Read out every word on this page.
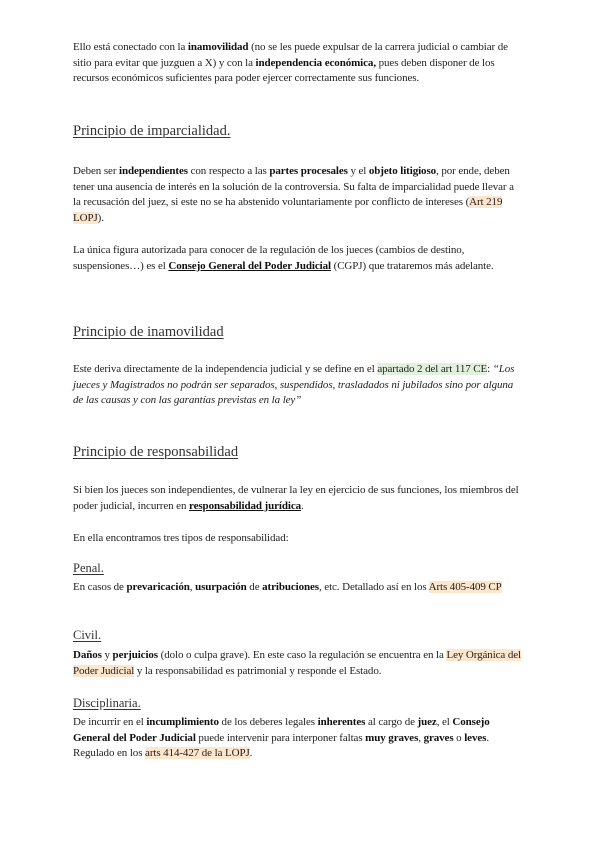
Ello está conectado con la inamovilidad (no se les puede expulsar de la carrera judicial o cambiar de sitio para evitar que juzguen a X) y con la independencia económica, pues deben disponer de los recursos económicos suficientes para poder ejercer correctamente sus funciones.

Principio de imparcialidad.

Deben ser independientes con respecto a las partes procesales y el objeto litigioso, por ende, deben tener una ausencia de interés en la solución de la controversia. Su falta de imparcialidad puede llevar a la recusación del juez, si este no se ha abstenido voluntariamente por conflicto de intereses (Art 219 LOPJ).

La única figura autorizada para conocer de la regulación de los jueces (cambios de destino, suspensiones…) es el Consejo General del Poder Judicial (CGPJ) que trataremos más adelante.

Principio de inamovilidad

Este deriva directamente de la independencia judicial y se define en el apartado 2 del art 117 CE: “Los jueces y Magistrados no podrán ser separados, suspendidos, trasladados ni jubilados sino por alguna de las causas y con las garantías previstas en la ley”

Principio de responsabilidad

Si bien los jueces son independientes, de vulnerar la ley en ejercicio de sus funciones, los miembros del poder judicial, incurren en responsabilidad jurídica.

En ella encontramos tres tipos de responsabilidad:

Penal.

En casos de prevaricación, usurpación de atribuciones, etc. Detallado así en los Arts 405-409 CP

Civil.

Daños y perjuicios (dolo o culpa grave). En este caso la regulación se encuentra en la Ley Orgánica del Poder Judicial y la responsabilidad es patrimonial y responde el Estado.

Disciplinaria.

De incurrir en el incumplimiento de los deberes legales inherentes al cargo de juez, el Consejo General del Poder Judicial puede intervenir para interponer faltas muy graves, graves o leves. Regulado en los arts 414-427 de la LOPJ.
